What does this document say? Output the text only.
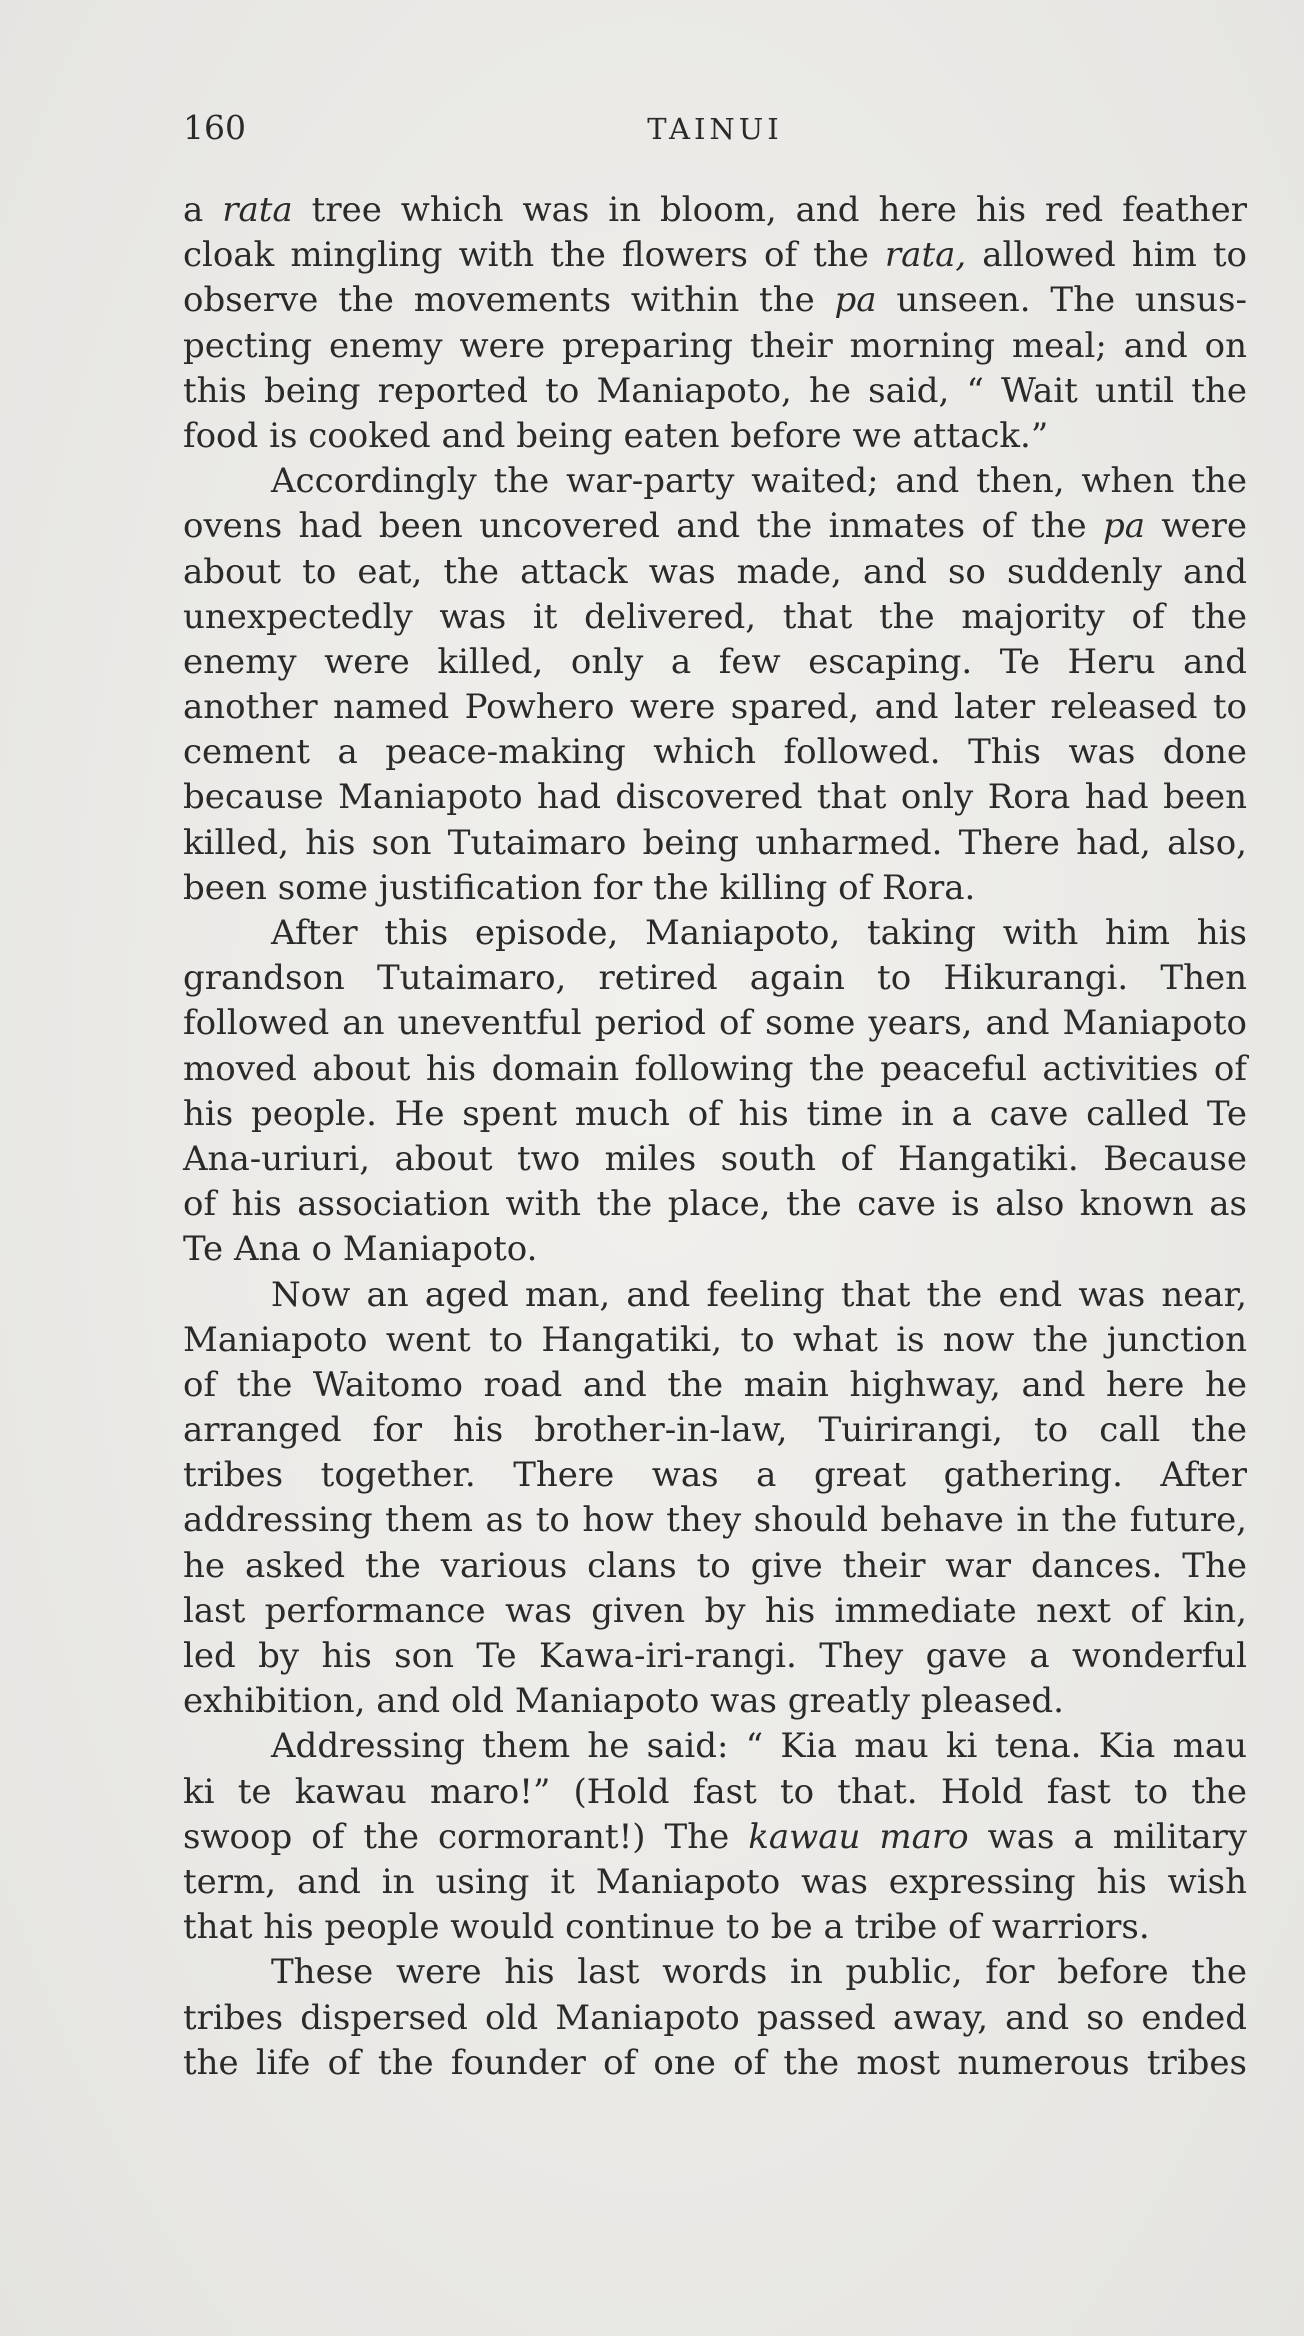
160	TAINUI
a rata tree which was in bloom, and here his red feather
cloak mingling with the flowers of the rata, allowed him to
observe the movements within the pa unseen. The unsus-
pecting enemy were preparing their morning meal; and on
this being reported to Maniapoto, he said, “ Wait until the
food is cooked and being eaten before we attack.”
Accordingly the war-party waited; and then, when the
ovens had been uncovered and the inmates of the pa were
about to eat, the attack was made, and so suddenly and
unexpectedly was it delivered, that the majority of the
enemy were killed, only a few escaping. Te Heru and
another named Powhero were spared, and later released to
cement a peace-making which followed. This was done
because Maniapoto had discovered that only Rora had been
killed, his son Tutaimaro being unharmed. There had, also,
been some justification for the killing of Rora.
After this episode, Maniapoto, taking with him his
grandson Tutaimaro, retired again to Hikurangi. Then
followed an uneventful period of some years, and Maniapoto
moved about his domain following the peaceful activities of
his people. He spent much of his time in a cave called Te
Ana-uriuri, about two miles south of Hangatiki. Because
of his association with the place, the cave is also known as
Te Ana o Maniapoto.
Now an aged man, and feeling that the end was near,
Maniapoto went to Hangatiki, to what is now the junction
of the Waitomo road and the main highway, and here he
arranged for his brother-in-law, Tuirirangi, to call the
tribes together. There was a great gathering. After
addressing them as to how they should behave in the future,
he asked the various clans to give their war dances. The
last performance was given by his immediate next of kin,
led by his son Te Kawa-iri-rangi. They gave a wonderful
exhibition, and old Maniapoto was greatly pleased.
Addressing them he said: “ Kia mau ki tena. Kia mau
ki te kawau maro!” (Hold fast to that. Hold fast to the
swoop of the cormorant!) The kawau maro was a military
term, and in using it Maniapoto was expressing his wish
that his people would continue to be a tribe of warriors.
These were his last words in public, for before the
tribes dispersed old Maniapoto passed away, and so ended
the life of the founder of one of the most numerous tribes
